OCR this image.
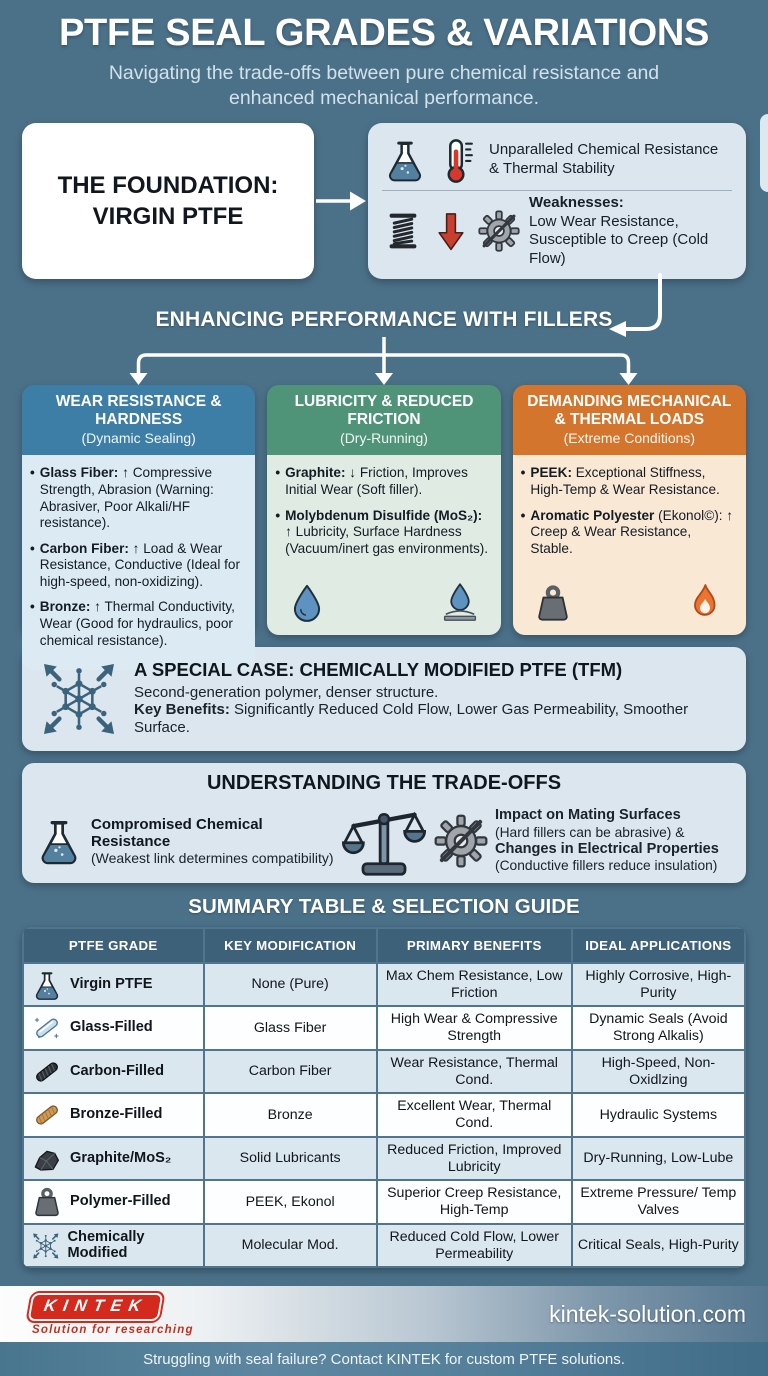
PTFE SEAL GRADES & VARIATIONS
Navigating the trade-offs between pure chemical resistance and enhanced mechanical performance.
THE FOUNDATION:
VIRGIN PTFE
Unparalleled Chemical Resistance & Thermal Stability
Weaknesses:
Low Wear Resistance, Susceptible to Creep (Cold Flow)
ENHANCING PERFORMANCE WITH FILLERS
WEAR RESISTANCE & HARDNESS
(Dynamic Sealing)
• Glass Fiber: ↑ Compressive Strength, Abrasion (Warning: Abrasiver, Poor Alkali/HF resistance).

• Carbon Fiber: ↑ Load & Wear Resistance, Conductive (Ideal for high-speed, non-oxidizing).

• Bronze: ↑ Thermal Conductivity, Wear (Good for hydraulics, poor chemical resistance).

LUBRICITY & REDUCED FRICTION
(Dry-Running)
• Graphite: ↓ Friction, Improves Initial Wear (Soft filler).

• Molybdenum Disulfide (MoS₂): ↑ Lubricity, Surface Hardness (Vacuum/inert gas environments).

DEMANDING MECHANICAL & THERMAL LOADS
(Extreme Conditions)
• PEEK: Exceptional Stiffness, High-Temp & Wear Resistance.

• Aromatic Polyester (Ekonol©): ↑ Creep & Wear Resistance, Stable.

A SPECIAL CASE: CHEMICALLY MODIFIED PTFE (TFM)
Second-generation polymer, denser structure.
Key Benefits: Significantly Reduced Cold Flow, Lower Gas Permeability, Smoother Surface.
UNDERSTANDING THE TRADE-OFFS
Compromised Chemical Resistance
(Weakest link determines compatibility)
Impact on Mating Surfaces
(Hard fillers can be abrasive) &
Changes in Electrical Properties
(Conductive fillers reduce insulation)
SUMMARY TABLE & SELECTION GUIDE
PTFE GRADE	KEY MODIFICATION	PRIMARY BENEFITS	IDEAL APPLICATIONS

Virgin PTFE	None (Pure)	Max Chem Resistance, Low Friction	Highly Corrosive, High-Purity

Glass-Filled	Glass Fiber	High Wear & Compressive Strength	Dynamic Seals (Avoid Strong Alkalis)

Carbon-Filled	Carbon Fiber	Wear Resistance, Thermal Cond.	High-Speed, Non-Oxidlzing

Bronze-Filled	Bronze	Excellent Wear, Thermal Cond.	Hydraulic Systems

Graphite/MoS₂	Solid Lubricants	Reduced Friction, Improved Lubricity	Dry-Running, Low-Lube

Polymer-Filled	PEEK, Ekonol	Superior Creep Resistance, High-Temp	Extreme Pressure/ Temp Valves

Chemically Modified	Molecular Mod.	Reduced Cold Flow, Lower Permeability	Critical Seals, High-Purity
KINTEK
Solution for researching
kintek-solution.com
Struggling with seal failure? Contact KINTEK for custom PTFE solutions.
